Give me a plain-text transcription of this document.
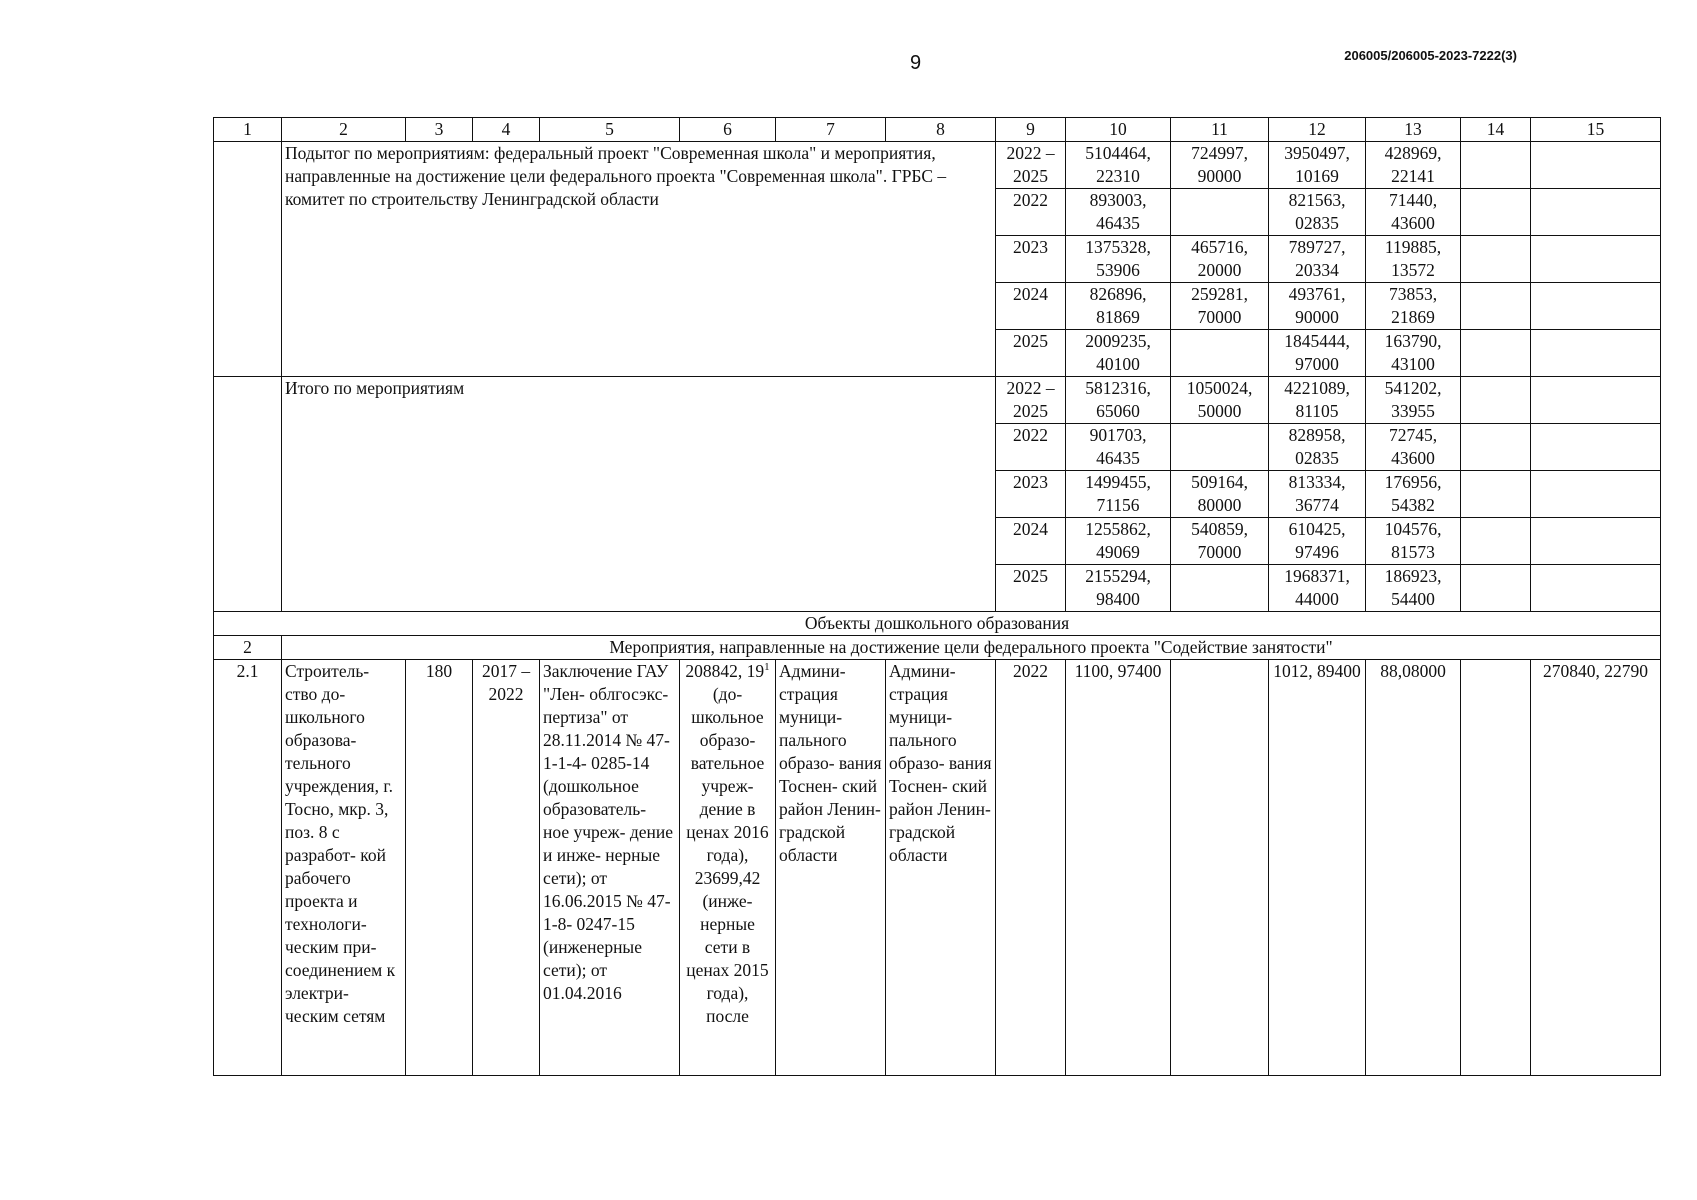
9	206005/206005-2023-7222(3)
1	2	3	4	5	6	7	8	9	10	11	12	13	14	15
	Подытог по мероприятиям: федеральный проект "Современная школа" и мероприятия, направленные на достижение цели федерального проекта "Современная школа". ГРБС – комитет по строительству Ленинградской области							2022 – 2025	5104464, 22310	724997, 90000	3950497, 10169	428969, 22141		
								2022	893003, 46435		821563, 02835	71440, 43600		
								2023	1375328, 53906	465716, 20000	789727, 20334	119885, 13572		
								2024	826896, 81869	259281, 70000	493761, 90000	73853, 21869		
								2025	2009235, 40100		1845444, 97000	163790, 43100		
	Итого по мероприятиям							2022 – 2025	5812316, 65060	1050024, 50000	4221089, 81105	541202, 33955		
								2022	901703, 46435		828958, 02835	72745, 43600		
								2023	1499455, 71156	509164, 80000	813334, 36774	176956, 54382		
								2024	1255862, 49069	540859, 70000	610425, 97496	104576, 81573		
								2025	2155294, 98400		1968371, 44000	186923, 54400		
Объекты дошкольного образования														
2	Мероприятия, направленные на достижение цели федерального проекта "Содействие занятости"													
2.1	Строитель- ство до- школьного образова- тельного учреждения, г. Тосно, мкр. 3, поз. 8 с разработ- кой рабочего проекта и технологи- ческим при- соединением к электри- ческим сетям	180	2017 – 2022	Заключение ГАУ "Лен- облгосэкс- пертиза" от 28.11.2014 № 47-1-1-4- 0285-14 (дошкольное образователь- ное учреж- дение и инже- нерные сети); от 16.06.2015 № 47-1-8- 0247-15 (инженерные сети); от 01.04.2016	208842, $19^1$ (до- школьное образо- вательное учреж- дение в ценах 2016 года), 23699,42 (инже- нерные сети в ценах 2015 года), после	Админи- страция муници- пального образо- вания Тоснен- ский район Ленин- градской области	Админи- страция муници- пального образо- вания Тоснен- ский район Ленин- градской области	2022	1100, 97400		1012, 89400	88,08000		270840, 22790
